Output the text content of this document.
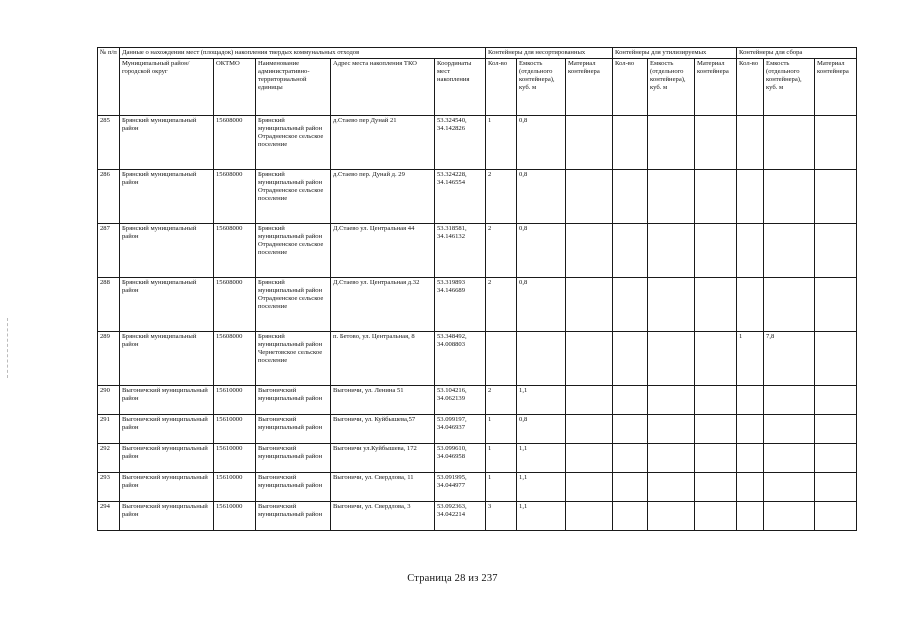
№ п/п	Данные о нахождении мест (площадок) накопления твердых коммунальных отходов					Контейнеры для несортированных			Контейнеры для утилизируемых			Контейнеры для сбора		
	Муниципальный район/городской округ	ОКТМО	Наименование административно-территориальной единицы	Адрес места накопления ТКО	Координаты мест накопления	Кол-во	Емкость (отдельного контейнера), куб. м	Материал контейнера	Кол-во	Емкость (отдельного контейнера), куб. м	Материал контейнера	Кол-во	Емкость (отдельного контейнера), куб. м	Материал контейнера
285	Брянский муниципальный район	15608000	Брянский муниципальный район Отрадненское сельское поселение	д.Стаево пер Дунай 21	53.324540, 34.142826	1	0,8							
286	Брянский муниципальный район	15608000	Брянский муниципальный район Отрадненское сельское поселение	д.Стаево пер. Дунай д. 29	53.324228, 34.146554	2	0,8							
287	Брянский муниципальный район	15608000	Брянский муниципальный район Отрадненское сельское поселение	Д.Стаево ул. Центральная 44	53.318581, 34.146132	2	0,8							
288	Брянский муниципальный район	15608000	Брянский муниципальный район Отрадненское сельское поселение	Д.Стаево ул. Центральная д.32	53.319893 34.146689	2	0,8							
289	Брянский муниципальный район	15608000	Брянский муниципальный район Чернетовское сельское поселение	п. Бетово, ул. Центральная, 8	53.348492, 34.008803							1	7,8	
290	Выгоничский муниципальный район	15610000	Выгоничский муниципальный район	Выгоничи, ул. Ленина 51	53.104216, 34.062139	2	1,1							
291	Выгоничский муниципальный район	15610000	Выгоничский муниципальный район	Выгоничи, ул. Куйбышева,57	53.099197, 34.046937	1	0,8							
292	Выгоничский муниципальный район	15610000	Выгоничский муниципальный район	Выгоничи ул.Куйбышева, 172	53.099610, 34.046958	1	1,1							
293	Выгоничский муниципальный район	15610000	Выгоничский муниципальный район	Выгоничи, ул. Свердлова, 11	53.091995, 34.044977	1	1,1							
294	Выгоничский муниципальный район	15610000	Выгоничский муниципальный район	Выгоничи, ул. Свердлова, 3	53.092363, 34.042214	3	1,1							
Страница 28 из 237
